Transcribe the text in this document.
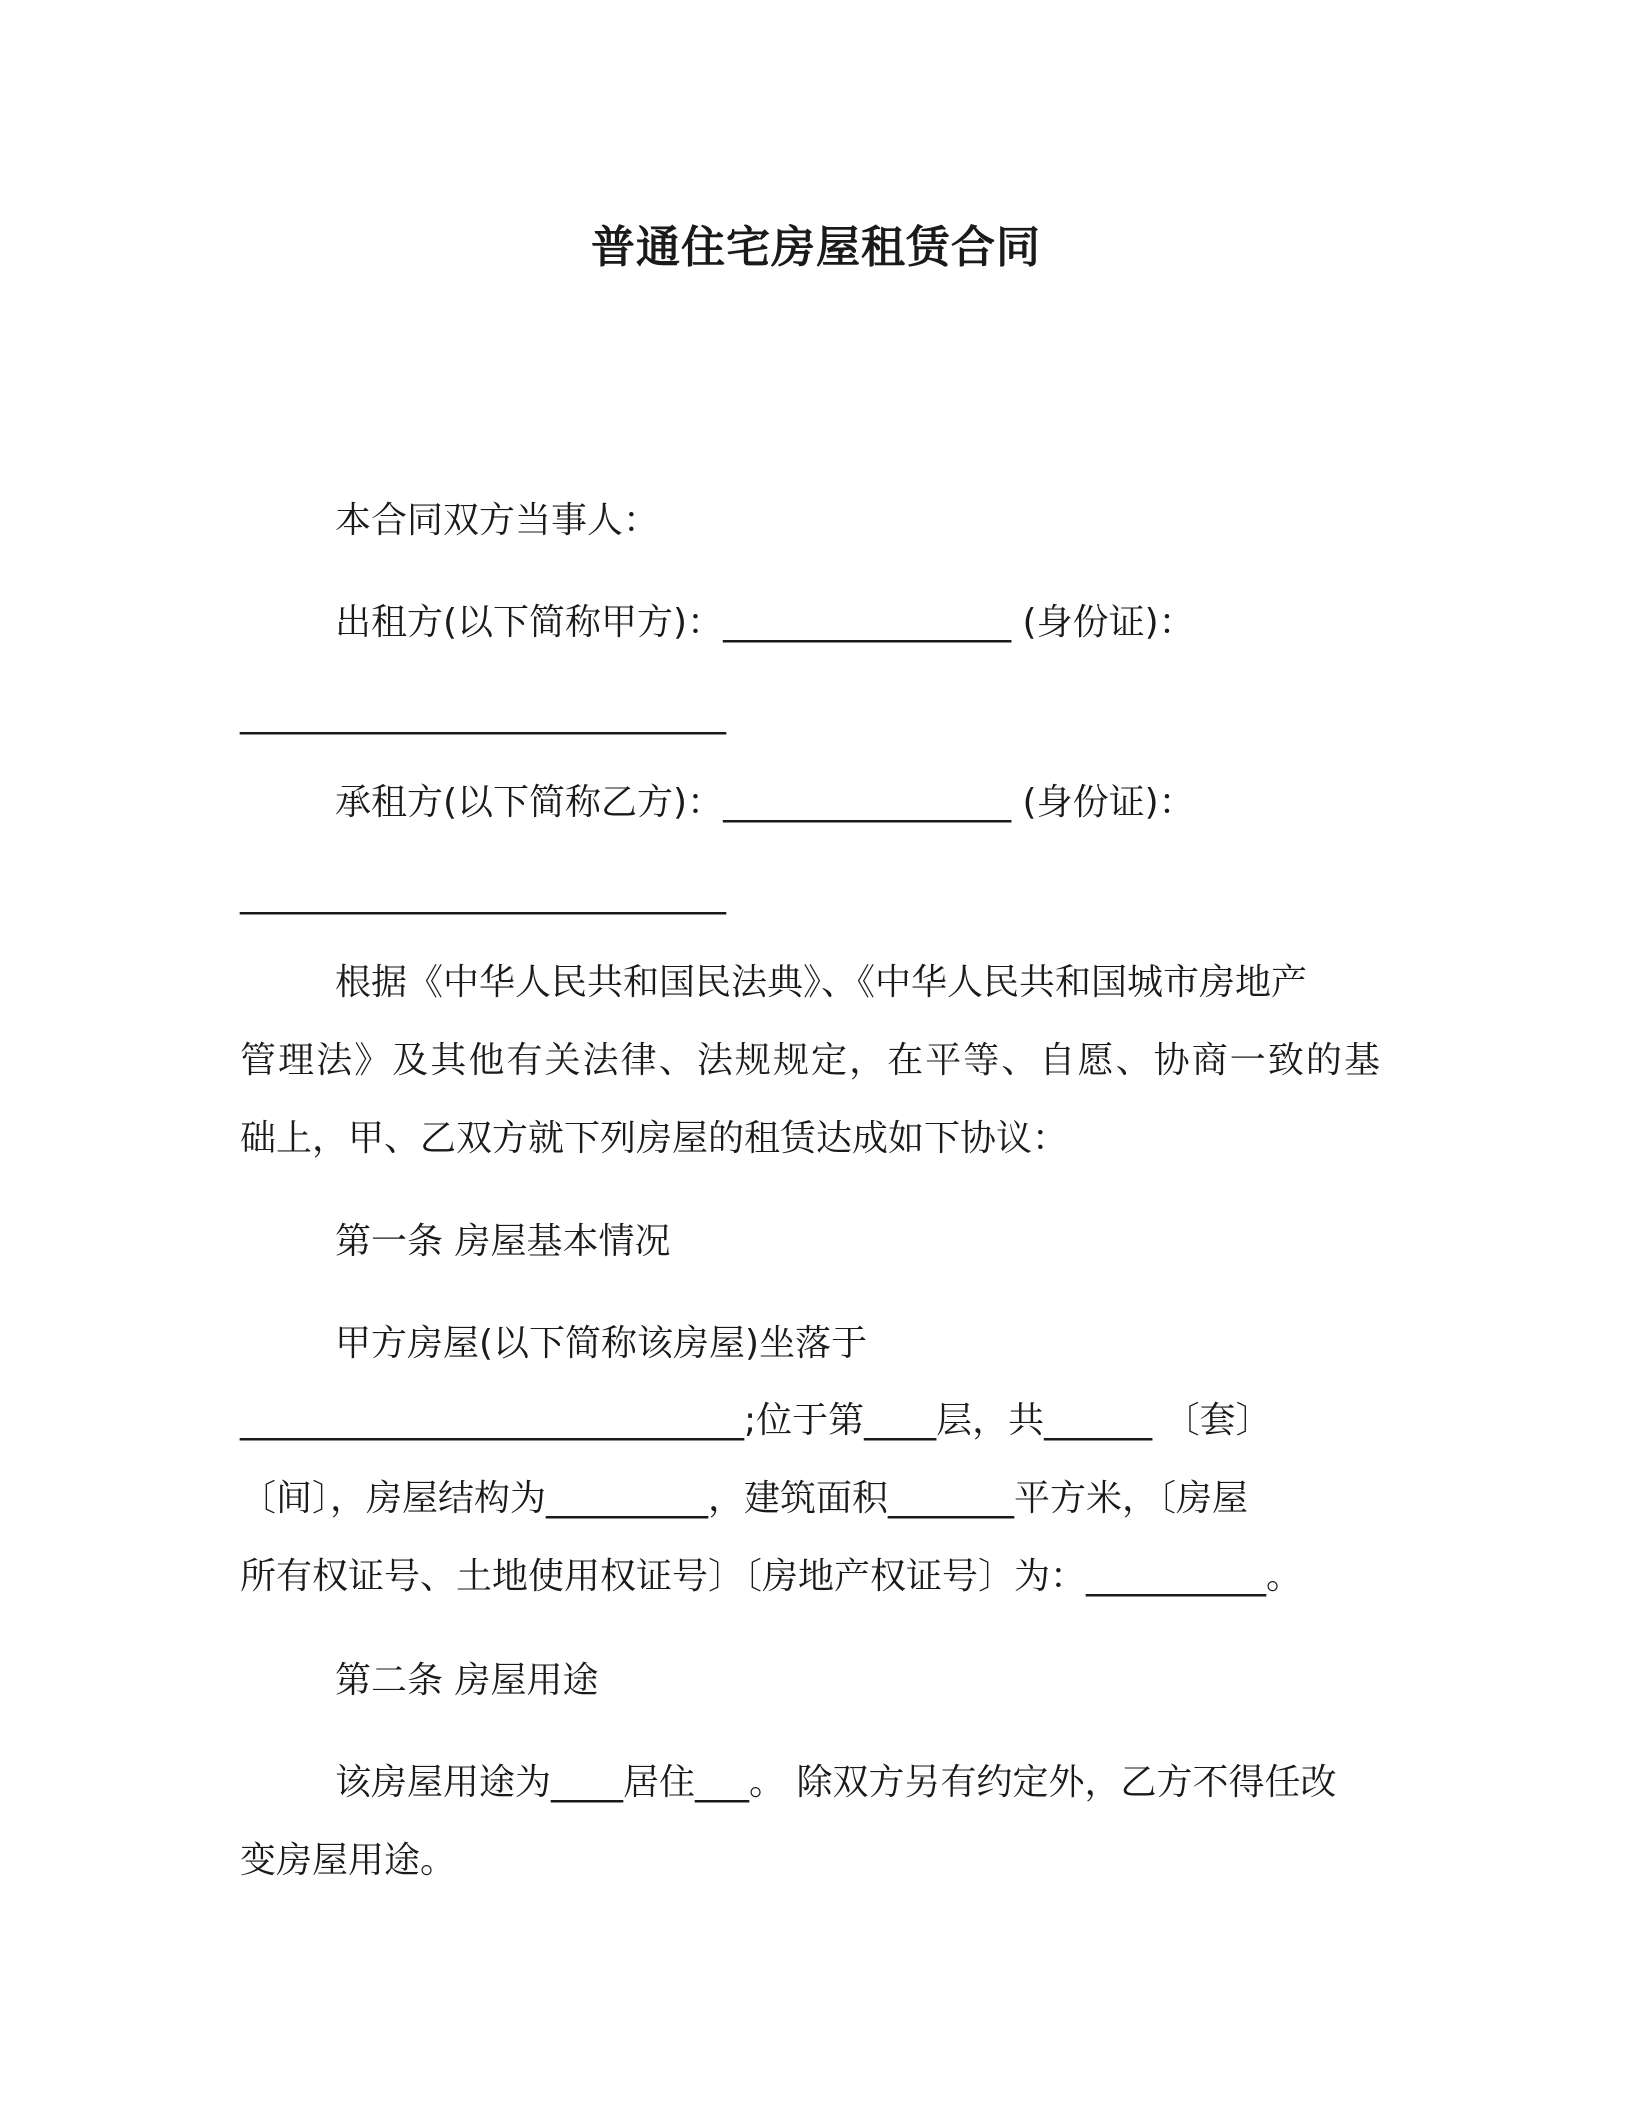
普通住宅房屋租赁合同
本合同双方当事人：
出租方(以下简称甲方)：________________ (身份证)：
___________________________
承租方(以下简称乙方)：________________ (身份证)：
___________________________
根据《中华人民共和国民法典》、《中华人民共和国城市房地产
管理法》及其他有关法律、法规规定，在平等、自愿、协商一致的基
础上，甲、乙双方就下列房屋的租赁达成如下协议：
第一条 房屋基本情况
甲方房屋(以下简称该房屋)坐落于
____________________________;位于第____层，共______ 〔套〕
〔间〕，房屋结构为_________，建筑面积_______平方米，〔房屋
所有权证号、土地使用权证号〕〔房地产权证号〕为：__________。
第二条 房屋用途
该房屋用途为____居住___。 除双方另有约定外，乙方不得任改
变房屋用途。
